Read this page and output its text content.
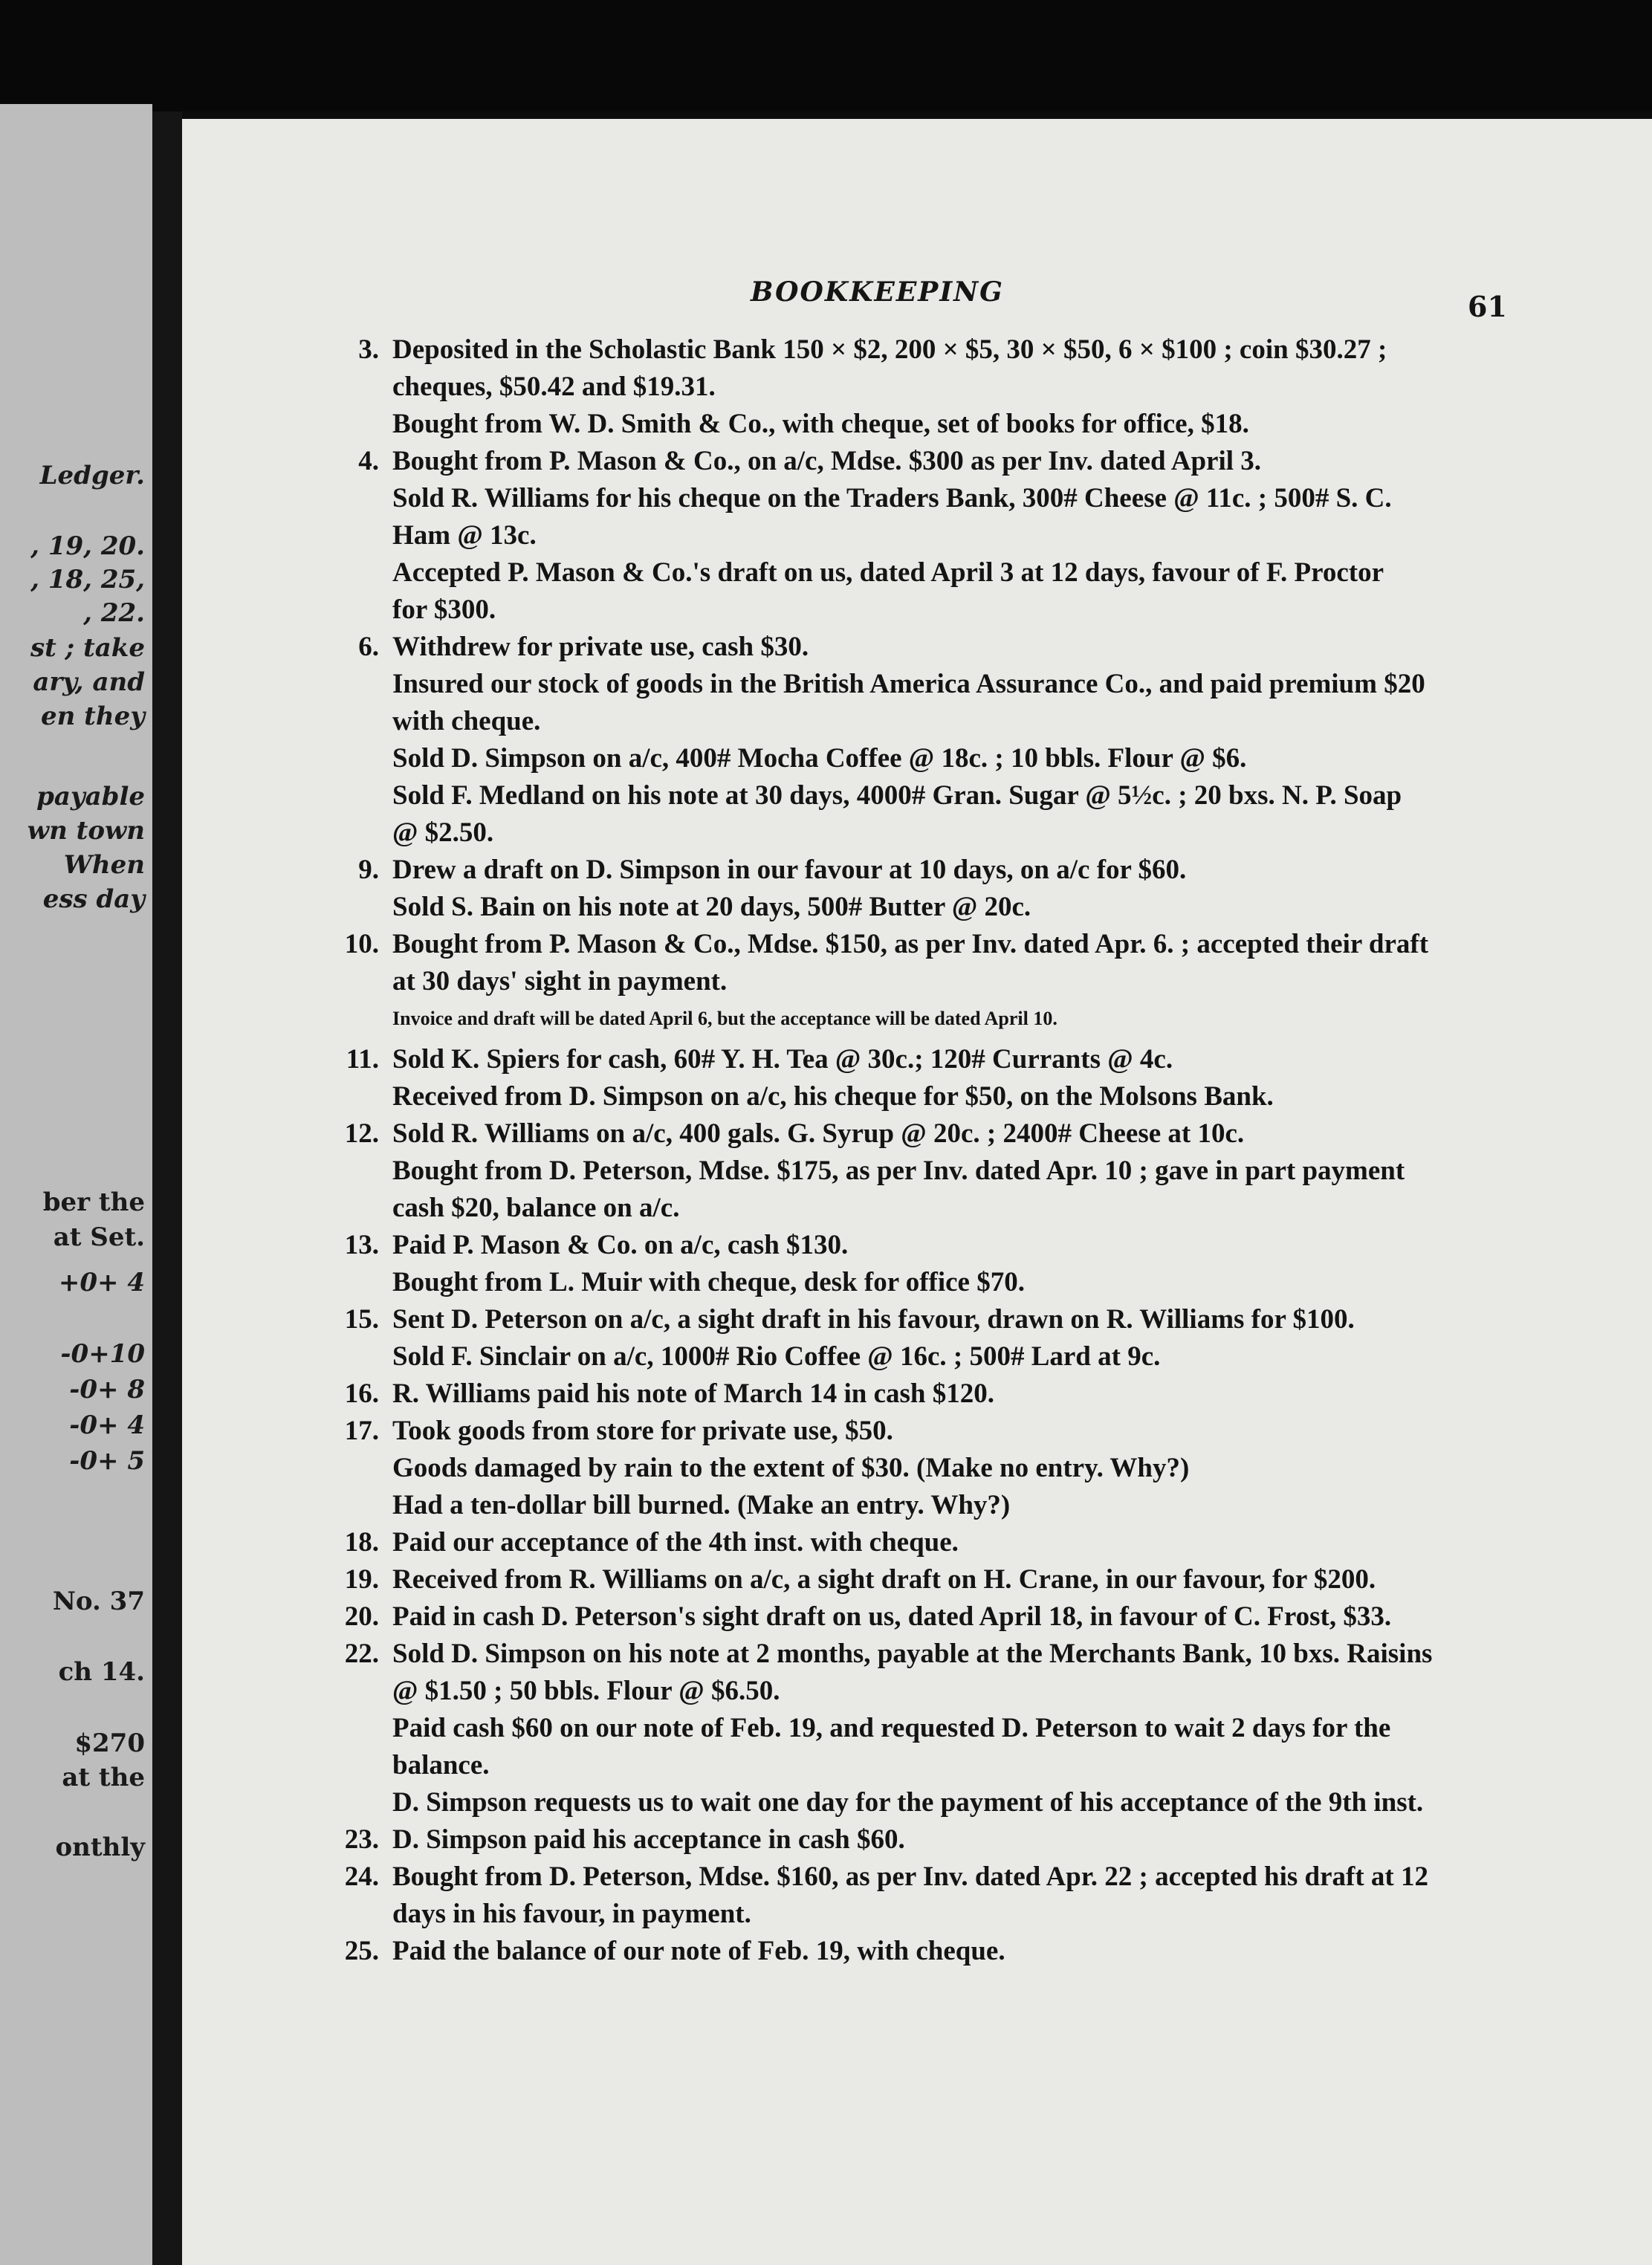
Ledger.
, 19, 20.
, 18, 25,
, 22.
st ; take
ary, and
en they
payable
wn town
When
ess day
ber the
at Set.
+0+ 4
-0+10
-0+ 8
-0+ 4
-0+ 5
No. 37
ch 14.
$270
at the
onthly
BOOKKEEPING	61
3. Deposited in the Scholastic Bank 150 × $2, 200 × $5, 30 × $50, 6 × $100 ; coin $30.27 ;
cheques, $50.42 and $19.31.
Bought from W. D. Smith & Co., with cheque, set of books for office, $18.
4. Bought from P. Mason & Co., on a/c, Mdse. $300 as per Inv. dated April 3.
Sold R. Williams for his cheque on the Traders Bank, 300# Cheese @ 11c. ; 500# S. C.
Ham @ 13c.
Accepted P. Mason & Co.'s draft on us, dated April 3 at 12 days, favour of F. Proctor
for $300.
6. Withdrew for private use, cash $30.
Insured our stock of goods in the British America Assurance Co., and paid premium $20
with cheque.
Sold D. Simpson on a/c, 400# Mocha Coffee @ 18c. ; 10 bbls. Flour @ $6.
Sold F. Medland on his note at 30 days, 4000# Gran. Sugar @ 5½c. ; 20 bxs. N. P. Soap
@ $2.50.
9. Drew a draft on D. Simpson in our favour at 10 days, on a/c for $60.
Sold S. Bain on his note at 20 days, 500# Butter @ 20c.
10. Bought from P. Mason & Co., Mdse. $150, as per Inv. dated Apr. 6. ; accepted their draft
at 30 days' sight in payment.
Invoice and draft will be dated April 6, but the acceptance will be dated April 10.
11. Sold K. Spiers for cash, 60# Y. H. Tea @ 30c.; 120# Currants @ 4c.
Received from D. Simpson on a/c, his cheque for $50, on the Molsons Bank.
12. Sold R. Williams on a/c, 400 gals. G. Syrup @ 20c. ; 2400# Cheese at 10c.
Bought from D. Peterson, Mdse. $175, as per Inv. dated Apr. 10 ; gave in part payment
cash $20, balance on a/c.
13. Paid P. Mason & Co. on a/c, cash $130.
Bought from L. Muir with cheque, desk for office $70.
15. Sent D. Peterson on a/c, a sight draft in his favour, drawn on R. Williams for $100.
Sold F. Sinclair on a/c, 1000# Rio Coffee @ 16c. ; 500# Lard at 9c.
16. R. Williams paid his note of March 14 in cash $120.
17. Took goods from store for private use, $50.
Goods damaged by rain to the extent of $30. (Make no entry. Why?)
Had a ten-dollar bill burned. (Make an entry. Why?)
18. Paid our acceptance of the 4th inst. with cheque.
19. Received from R. Williams on a/c, a sight draft on H. Crane, in our favour, for $200.
20. Paid in cash D. Peterson's sight draft on us, dated April 18, in favour of C. Frost, $33.
22. Sold D. Simpson on his note at 2 months, payable at the Merchants Bank, 10 bxs. Raisins
@ $1.50 ; 50 bbls. Flour @ $6.50.
Paid cash $60 on our note of Feb. 19, and requested D. Peterson to wait 2 days for the
balance.
D. Simpson requests us to wait one day for the payment of his acceptance of the 9th inst.
23. D. Simpson paid his acceptance in cash $60.
24. Bought from D. Peterson, Mdse. $160, as per Inv. dated Apr. 22 ; accepted his draft at 12
days in his favour, in payment.
25. Paid the balance of our note of Feb. 19, with cheque.
